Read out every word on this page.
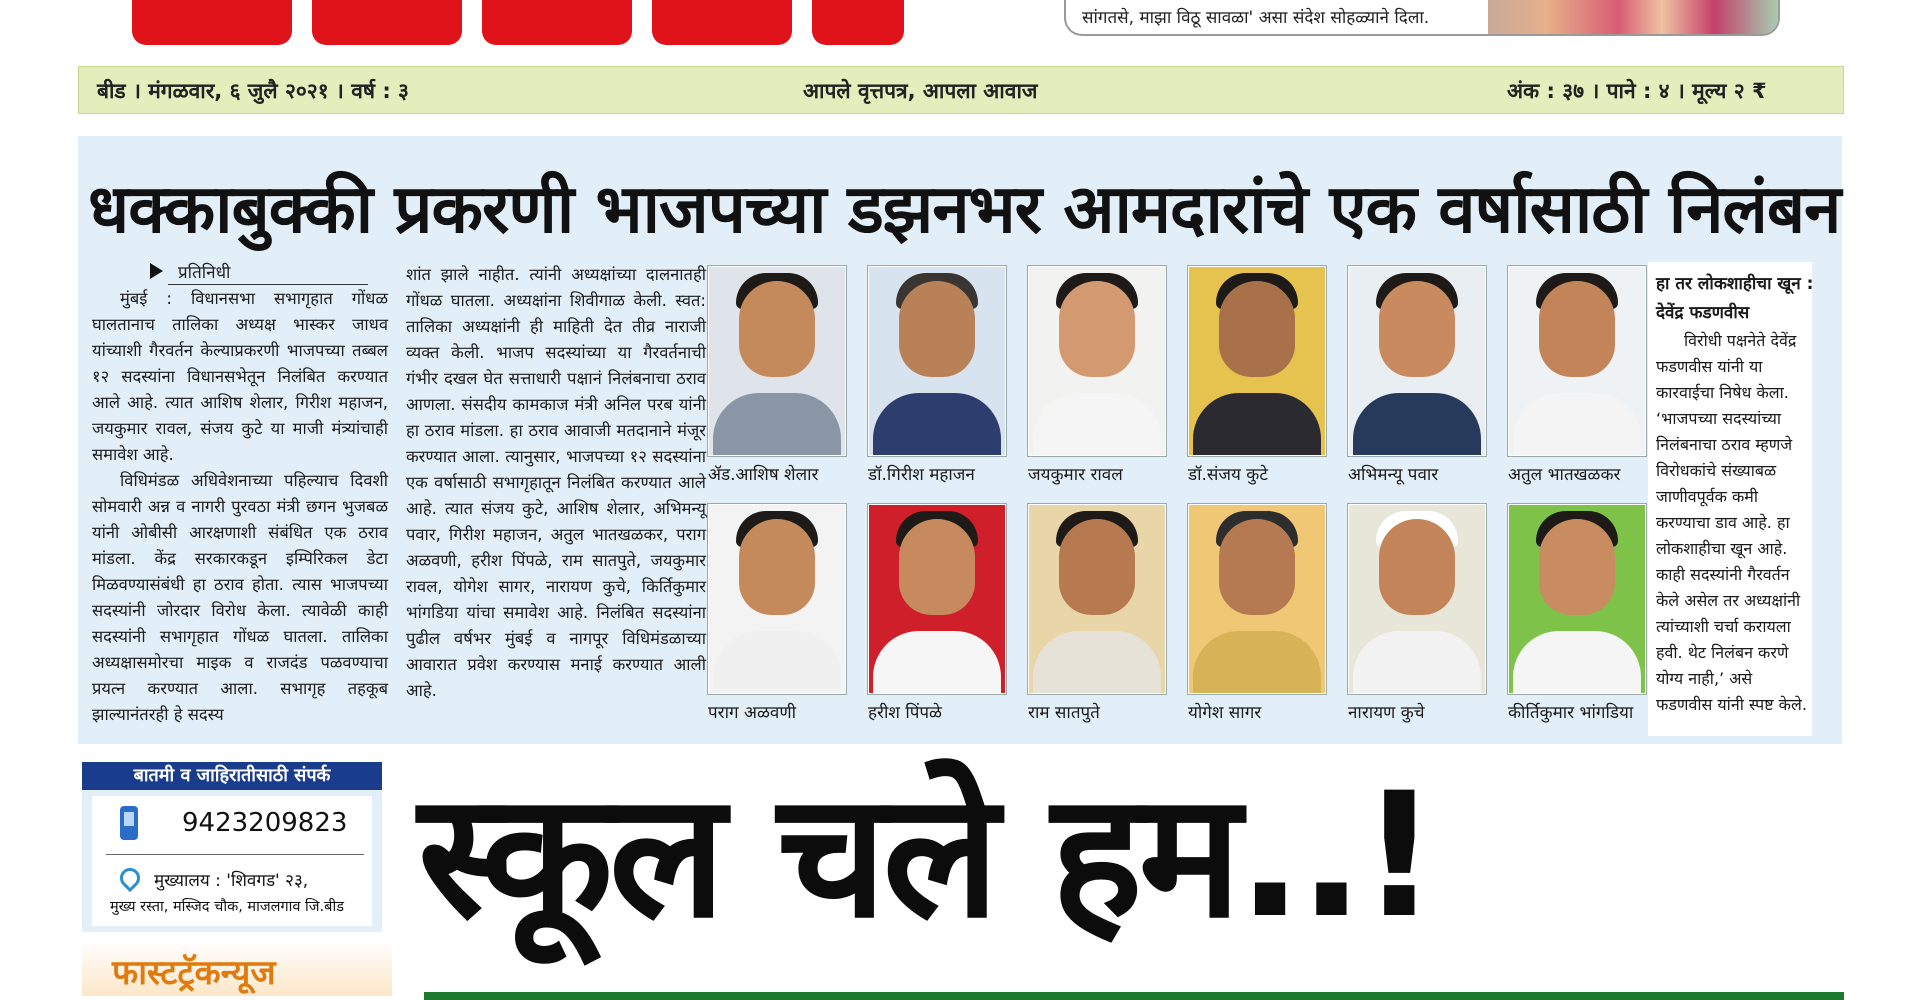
सांगतसे, माझा विठू सावळा' असा संदेश सोहळ्याने दिला.
बीड । मंगळवार, ६ जुलै २०२१ । वर्ष : ३	आपले वृत्तपत्र, आपला आवाज	अंक : ३७ । पाने : ४ । मूल्य २ ₹
धक्काबुक्की प्रकरणी भाजपच्या डझनभर आमदारांचे एक वर्षासाठी निलंबन
प्रतिनिधी

मुंबई : विधानसभा सभागृहात गोंधळ घालतानाच तालिका अध्यक्ष भास्कर जाधव यांच्याशी गैरवर्तन केल्याप्रकरणी भाजपच्या तब्बल १२ सदस्यांना विधानसभेतून निलंबित करण्यात आले आहे. त्यात आशिष शेलार, गिरीश महाजन, जयकुमार रावल, संजय कुटे या माजी मंत्र्यांचाही समावेश आहे.

विधिमंडळ अधिवेशनाच्या पहिल्याच दिवशी सोमवारी अन्न व नागरी पुरवठा मंत्री छगन भुजबळ यांनी ओबीसी आरक्षणाशी संबंधित एक ठराव मांडला. केंद्र सरकारकडून इम्पिरिकल डेटा मिळवण्यासंबंधी हा ठराव होता. त्यास भाजपच्या सदस्यांनी जोरदार विरोध केला. त्यावेळी काही सदस्यांनी सभागृहात गोंधळ घातला. तालिका अध्यक्षासमोरचा माइक व राजदंड पळवण्याचा प्रयत्न करण्यात आला. सभागृह तहकूब झाल्यानंतरही हे सदस्य

शांत झाले नाहीत. त्यांनी अध्यक्षांच्या दालनातही गोंधळ घातला. अध्यक्षांना शिवीगाळ केली. स्वत: तालिका अध्यक्षांनी ही माहिती देत तीव्र नाराजी व्यक्त केली. भाजप सदस्यांच्या या गैरवर्तनाची गंभीर दखल घेत सत्ताधारी पक्षानं निलंबनाचा ठराव आणला. संसदीय कामकाज मंत्री अनिल परब यांनी हा ठराव मांडला. हा ठराव आवाजी मतदानाने मंजूर करण्यात आला. त्यानुसार, भाजपच्या १२ सदस्यांना एक वर्षासाठी सभागृहातून निलंबित करण्यात आले आहे. त्यात संजय कुटे, आशिष शेलार, अभिमन्यू पवार, गिरीश महाजन, अतुल भातखळकर, पराग अळवणी, हरीश पिंपळे, राम सातपुते, जयकुमार रावल, योगेश सागर, नारायण कुचे, किर्तिकुमार भांगडिया यांचा समावेश आहे. निलंबित सदस्यांना पुढील वर्षभर मुंबई व नागपूर विधिमंडळाच्या आवारात प्रवेश करण्यास मनाई करण्यात आली आहे.

ॲड.आशिष शेलार	डॉ.गिरीश महाजन	जयकुमार रावल	डॉ.संजय कुटे	अभिमन्यू पवार	अतुल भातखळकर
पराग अळवणी	हरीश पिंपळे	राम सातपुते	योगेश सागर	नारायण कुचे	कीर्तिकुमार भांगडिया
हा तर लोकशाहीचा खून : देवेंद्र फडणवीस

विरोधी पक्षनेते देवेंद्र फडणवीस यांनी या कारवाईचा निषेध केला. ‘भाजपच्या सदस्यांच्या निलंबनाचा ठराव म्हणजे विरोधकांचे संख्याबळ जाणीवपूर्वक कमी करण्याचा डाव आहे. हा लोकशाहीचा खून आहे. काही सदस्यांनी गैरवर्तन केले असेल तर अध्यक्षांनी त्यांच्याशी चर्चा करायला हवी. थेट निलंबन करणे योग्य नाही,’ असे फडणवीस यांनी स्पष्ट केले.

बातमी व जाहिरातीसाठी संपर्क
9423209823
मुख्यालय : 'शिवगड' २३,
मुख्य रस्ता, मस्जिद चौक, माजलगाव जि.बीड
फास्टट्रॅकन्यूज
स्कूल चले हम..!
